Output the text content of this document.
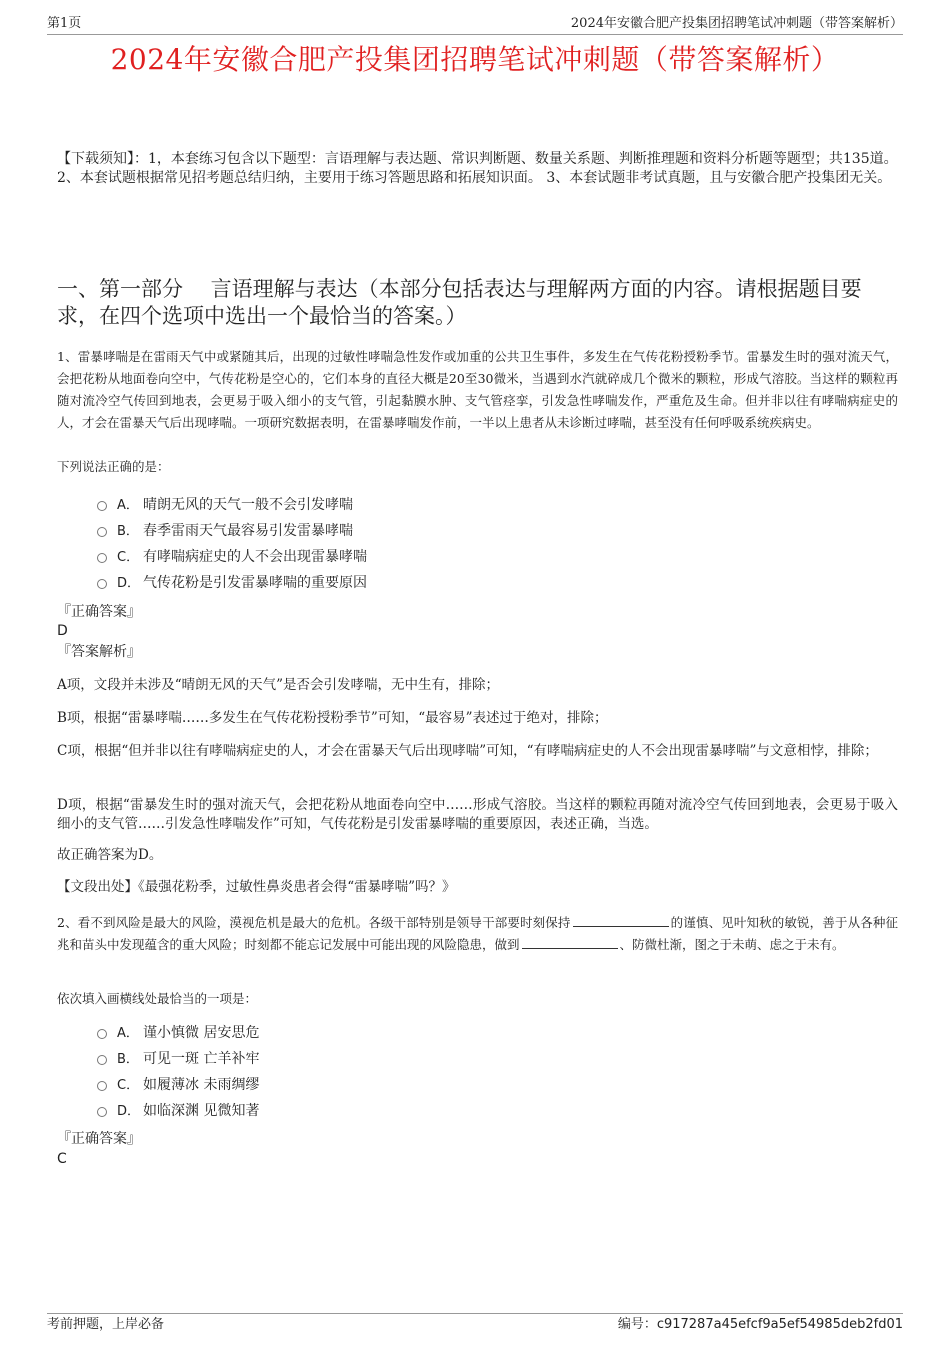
第1页	2024年安徽合肥产投集团招聘笔试冲刺题（带答案解析）
2024年安徽合肥产投集团招聘笔试冲刺题（带答案解析）

【下载须知】：1，本套练习包含以下题型：言语理解与表达题、常识判断题、数量关系题、判断推理题和资料分析题等题型；共135道。 2、本套试题根据常见招考题总结归纳，主要用于练习答题思路和拓展知识面。 3、本套试题非考试真题，且与安徽合肥产投集团无关。

一、第一部分　 言语理解与表达（本部分包括表达与理解两方面的内容。请根据题目要求，在四个选项中选出一个最恰当的答案。）

1、雷暴哮喘是在雷雨天气中或紧随其后，出现的过敏性哮喘急性发作或加重的公共卫生事件，多发生在气传花粉授粉季节。雷暴发生时的强对流天气，会把花粉从地面卷向空中，气传花粉是空心的，它们本身的直径大概是20至30微米，当遇到水汽就碎成几个微米的颗粒，形成气溶胶。当这样的颗粒再随对流冷空气传回到地表，会更易于吸入细小的支气管，引起黏膜水肿、支气管痉挛，引发急性哮喘发作，严重危及生命。但并非以往有哮喘病症史的人，才会在雷暴天气后出现哮喘。一项研究数据表明，在雷暴哮喘发作前，一半以上患者从未诊断过哮喘，甚至没有任何呼吸系统疾病史。

下列说法正确的是：

A． 晴朗无风的天气一般不会引发哮喘
B． 春季雷雨天气最容易引发雷暴哮喘
C． 有哮喘病症史的人不会出现雷暴哮喘
D． 气传花粉是引发雷暴哮喘的重要原因
『正确答案』
D
『答案解析』

A项，文段并未涉及“晴朗无风的天气”是否会引发哮喘，无中生有，排除；

B项，根据“雷暴哮喘……多发生在气传花粉授粉季节”可知，“最容易”表述过于绝对，排除；

C项，根据“但并非以往有哮喘病症史的人，才会在雷暴天气后出现哮喘”可知，“有哮喘病症史的人不会出现雷暴哮喘”与文意相悖，排除；

D项，根据“雷暴发生时的强对流天气，会把花粉从地面卷向空中……形成气溶胶。当这样的颗粒再随对流冷空气传回到地表，会更易于吸入细小的支气管……引发急性哮喘发作”可知，气传花粉是引发雷暴哮喘的重要原因，表述正确，当选。

故正确答案为D。

【文段出处】《最强花粉季，过敏性鼻炎患者会得“雷暴哮喘”吗？》

2、看不到风险是最大的风险，漠视危机是最大的危机。各级干部特别是领导干部要时刻保持	的谨慎、见叶知秋的敏锐，善于从各种征兆和苗头中发现蕴含的重大风险；时刻都不能忘记发展中可能出现的风险隐患，做到	、防微杜渐，图之于未萌、虑之于未有。

依次填入画横线处最恰当的一项是：

A． 谨小慎微 居安思危
B． 可见一斑 亡羊补牢
C． 如履薄冰 未雨绸缪
D． 如临深渊 见微知著
『正确答案』
C
考前押题，上岸必备	编号：c917287a45efcf9a5ef54985deb2fd01
